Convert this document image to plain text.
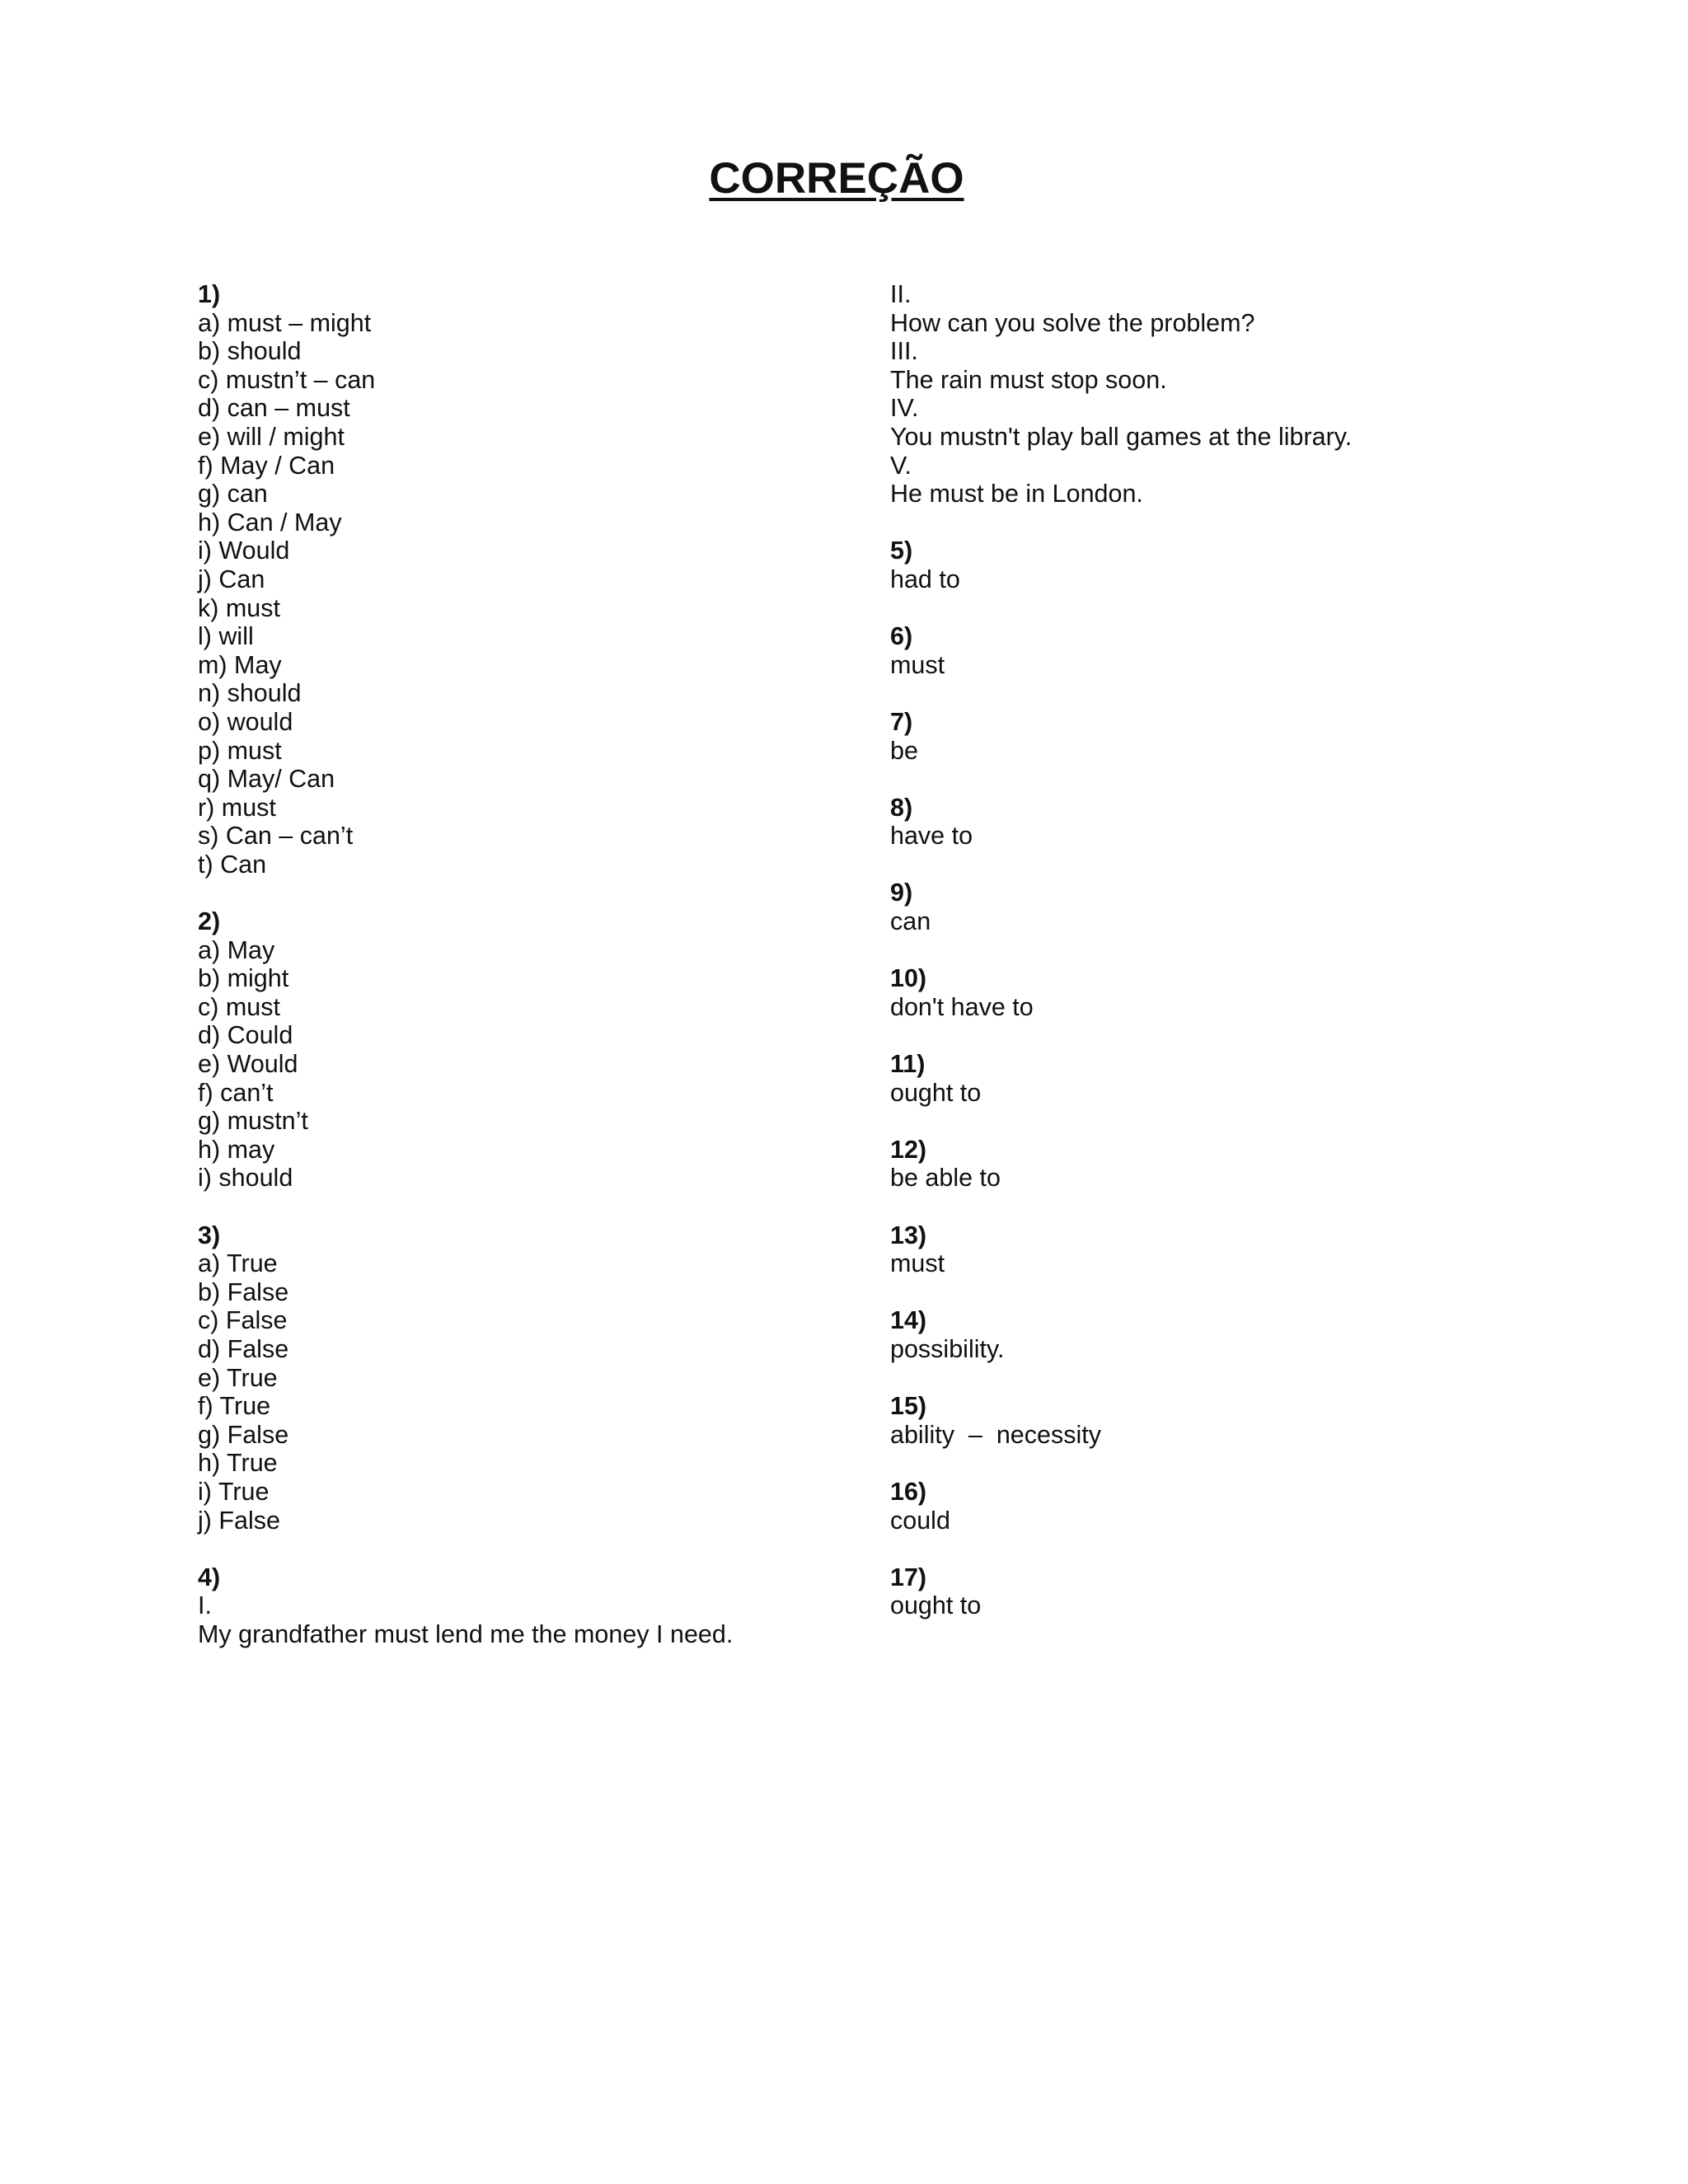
CORREÇÃO
1)
a) must – might
b) should
c) mustn’t – can
d) can – must
e) will / might
f) May / Can
g) can
h) Can / May
i) Would
j) Can
k) must
l) will
m) May
n) should
o) would
p) must
q) May/ Can
r) must
s) Can – can’t
t) Can
2)
a) May
b) might
c) must
d) Could
e) Would
f) can’t
g) mustn’t
h) may
i) should
3)
a) True
b) False
c) False
d) False
e) True
f) True
g) False
h) True
i) True
j) False
4)
I.
My grandfather must lend me the money I need.
II.
How can you solve the problem?
III.
The rain must stop soon.
IV.
You mustn't play ball games at the library.
V.
He must be in London.
5)
had to
6)
must
7)
be
8)
have to
9)
can
10)
don't have to
11)
ought to
12)
be able to
13)
must
14)
possibility.
15)
ability  –  necessity
16)
could
17)
ought to
